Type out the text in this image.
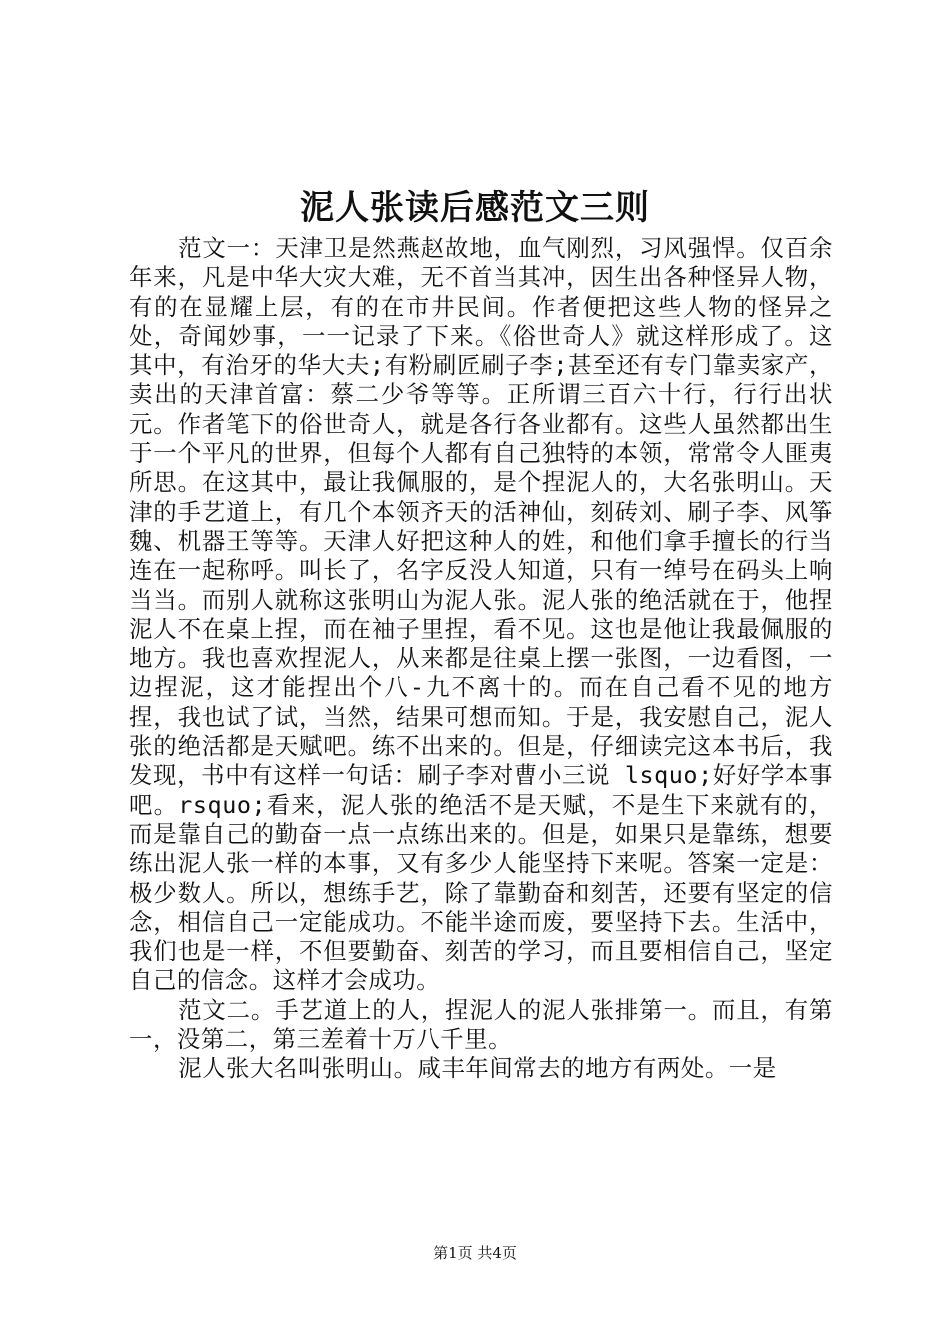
泥人张读后感范文三则

范文一：天津卫是然燕赵故地，血气刚烈，习风强悍。仅百余年来，凡是中华大灾大难，无不首当其冲，因生出各种怪异人物，有的在显耀上层，有的在市井民间。作者便把这些人物的怪异之处，奇闻妙事，一一记录了下来。《俗世奇人》就这样形成了。这其中，有治牙的华大夫;有粉刷匠刷子李;甚至还有专门靠卖家产，卖出的天津首富：蔡二少爷等等。正所谓三百六十行，行行出状元。作者笔下的俗世奇人，就是各行各业都有。这些人虽然都出生于一个平凡的世界，但每个人都有自己独特的本领，常常令人匪夷所思。在这其中，最让我佩服的，是个捏泥人的，大名张明山。天津的手艺道上，有几个本领齐天的活神仙，刻砖刘、刷子李、风筝魏、机器王等等。天津人好把这种人的姓，和他们拿手擅长的行当连在一起称呼。叫长了，名字反没人知道，只有一绰号在码头上响当当。而别人就称这张明山为泥人张。泥人张的绝活就在于，他捏泥人不在桌上捏，而在袖子里捏，看不见。这也是他让我最佩服的地方。我也喜欢捏泥人，从来都是往桌上摆一张图，一边看图，一边捏泥，这才能捏出个八-九不离十的。而在自己看不见的地方捏，我也试了试，当然，结果可想而知。于是，我安慰自己，泥人张的绝活都是天赋吧。练不出来的。但是，仔细读完这本书后，我发现，书中有这样一句话：刷子李对曹小三说 lsquo;好好学本事吧。rsquo;看来，泥人张的绝活不是天赋，不是生下来就有的，而是靠自己的勤奋一点一点练出来的。但是，如果只是靠练，想要练出泥人张一样的本事，又有多少人能坚持下来呢。答案一定是：极少数人。所以，想练手艺，除了靠勤奋和刻苦，还要有坚定的信念，相信自己一定能成功。不能半途而废，要坚持下去。生活中，我们也是一样，不但要勤奋、刻苦的学习，而且要相信自己，坚定自己的信念。这样才会成功。

范文二。手艺道上的人，捏泥人的泥人张排第一。而且，有第一，没第二，第三差着十万八千里。

泥人张大名叫张明山。咸丰年间常去的地方有两处。一是

第1页 共4页
